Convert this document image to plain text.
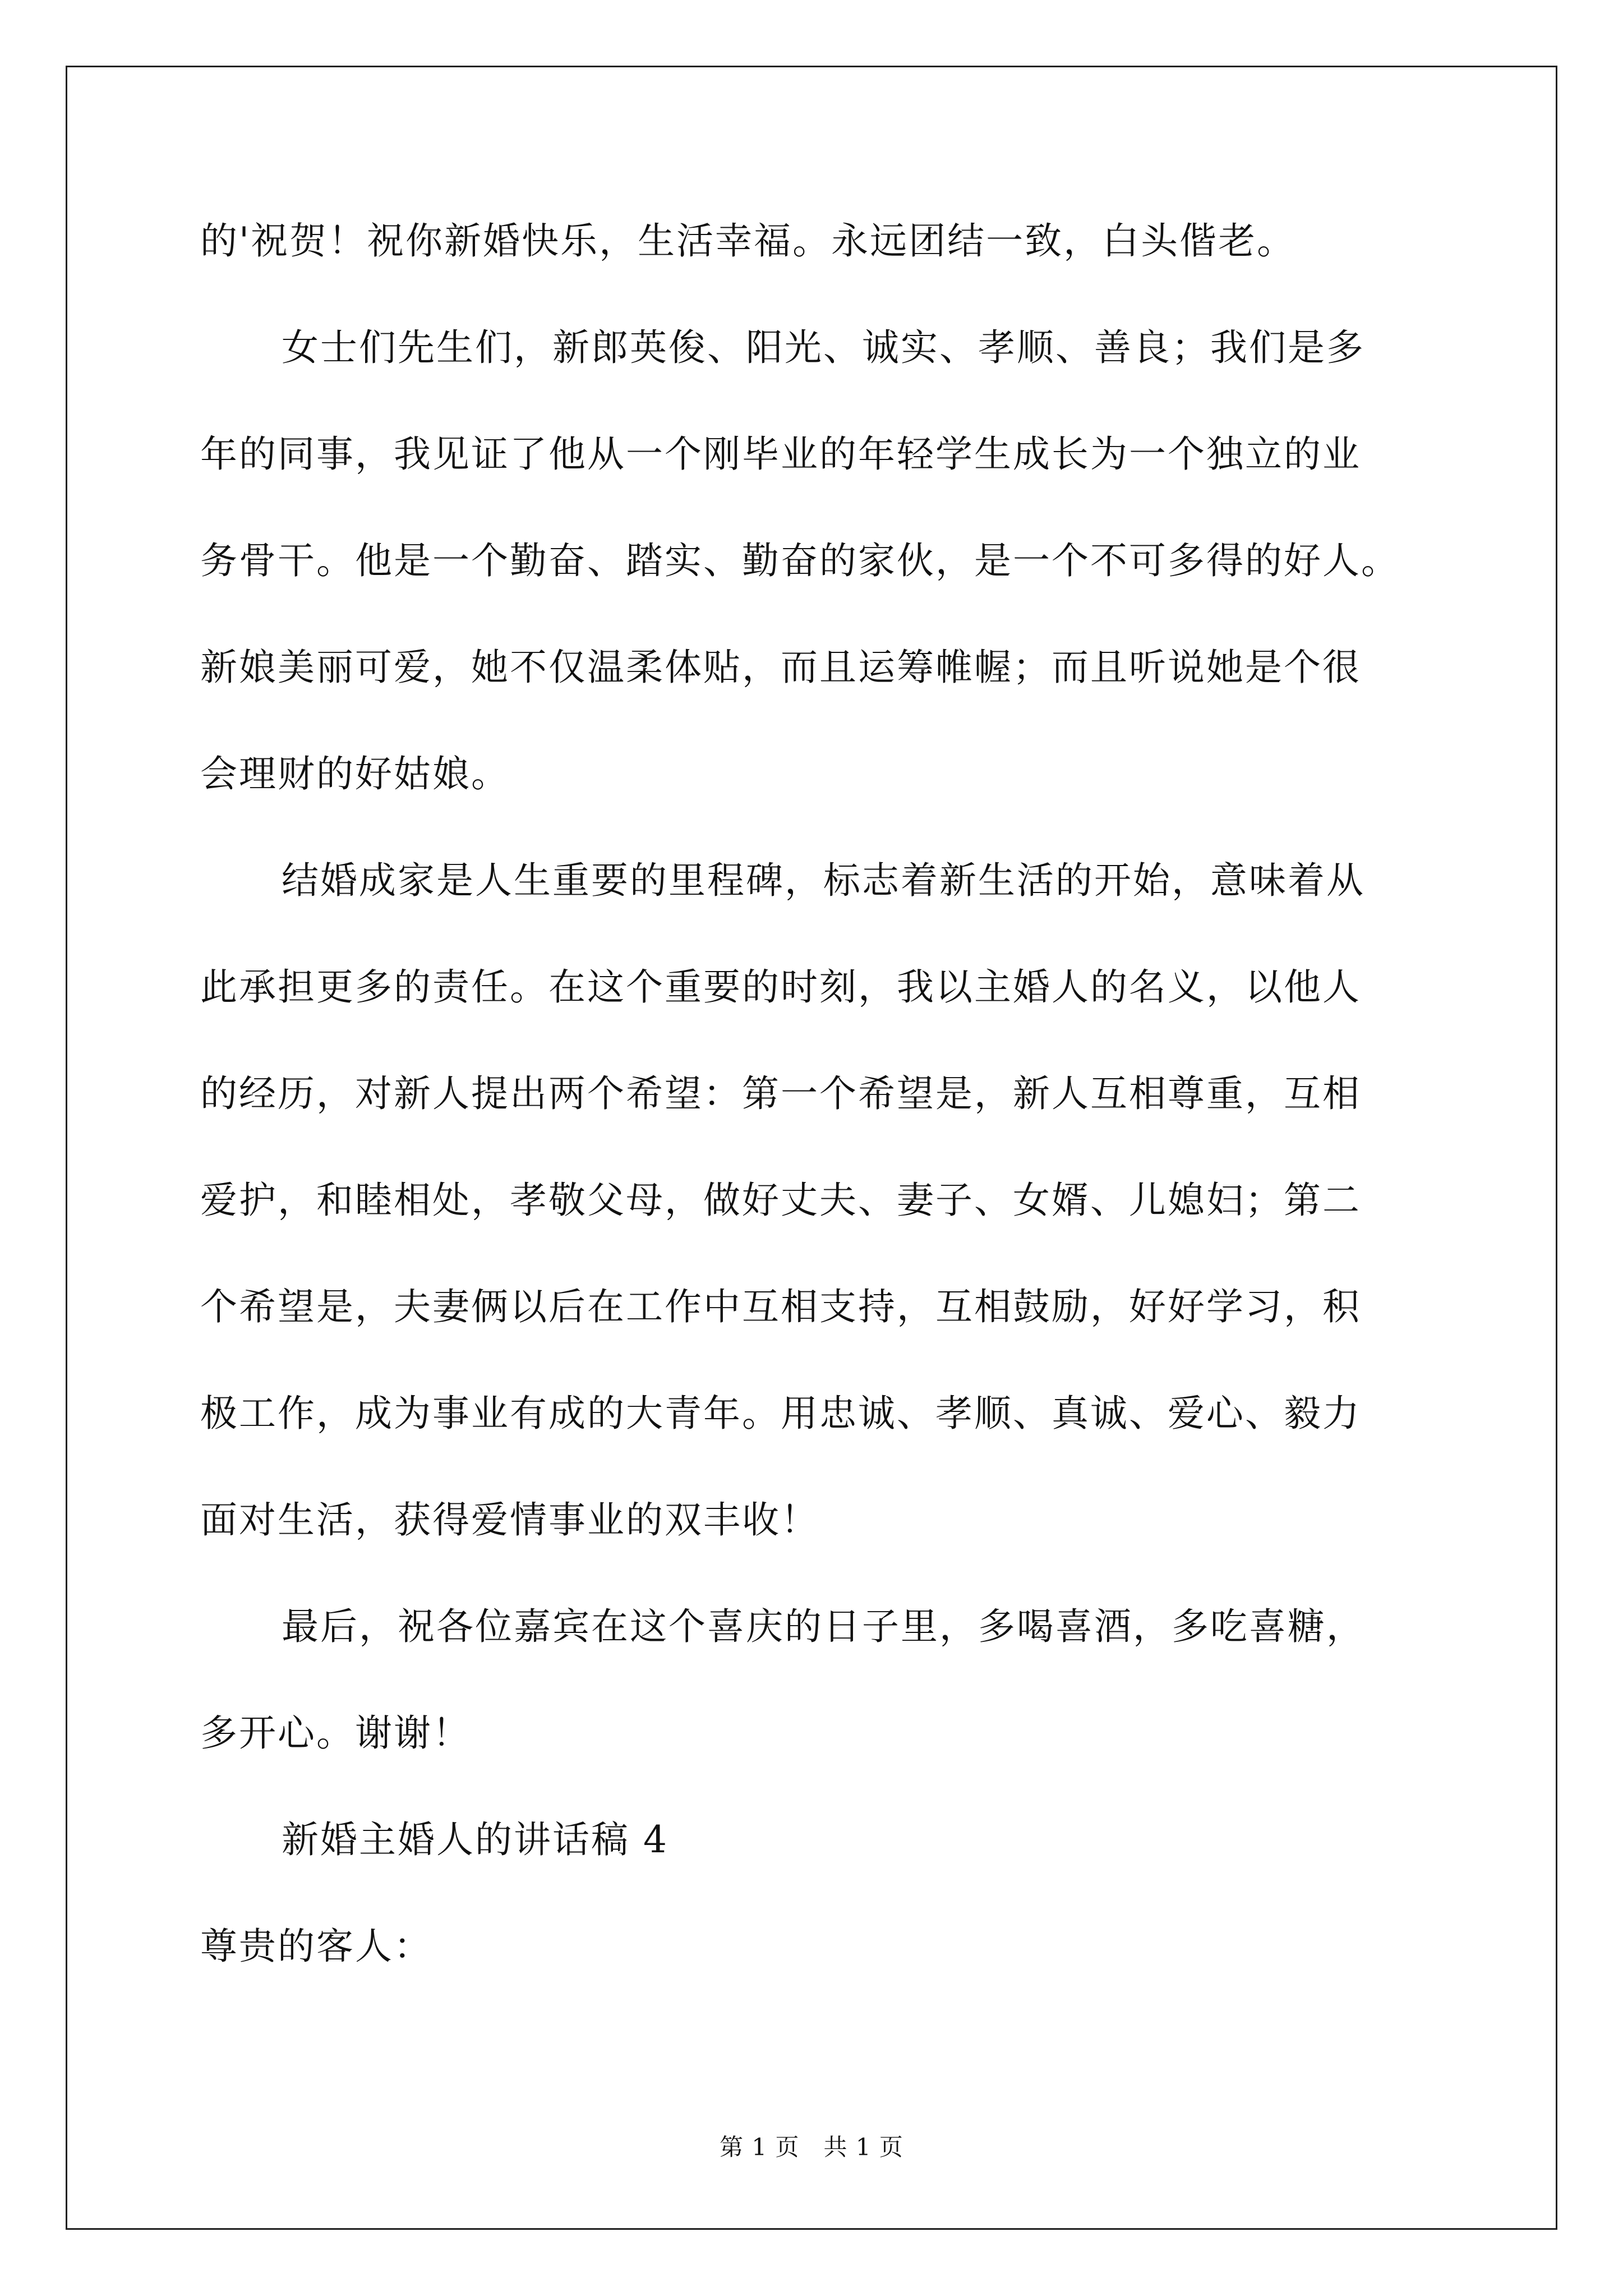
的'祝贺！祝你新婚快乐，生活幸福。永远团结一致，白头偕老。
女士们先生们，新郎英俊、阳光、诚实、孝顺、善良；我们是多
年的同事，我见证了他从一个刚毕业的年轻学生成长为一个独立的业
务骨干。他是一个勤奋、踏实、勤奋的家伙，是一个不可多得的好人。
新娘美丽可爱，她不仅温柔体贴，而且运筹帷幄；而且听说她是个很
会理财的好姑娘。
结婚成家是人生重要的里程碑，标志着新生活的开始，意味着从
此承担更多的责任。在这个重要的时刻，我以主婚人的名义，以他人
的经历，对新人提出两个希望：第一个希望是，新人互相尊重，互相
爱护，和睦相处，孝敬父母，做好丈夫、妻子、女婿、儿媳妇；第二
个希望是，夫妻俩以后在工作中互相支持，互相鼓励，好好学习，积
极工作，成为事业有成的大青年。用忠诚、孝顺、真诚、爱心、毅力
面对生活，获得爱情事业的双丰收！
最后，祝各位嘉宾在这个喜庆的日子里，多喝喜酒，多吃喜糖，
多开心。谢谢！
新婚主婚人的讲话稿 4
尊贵的客人：
第 1 页　共 1 页
